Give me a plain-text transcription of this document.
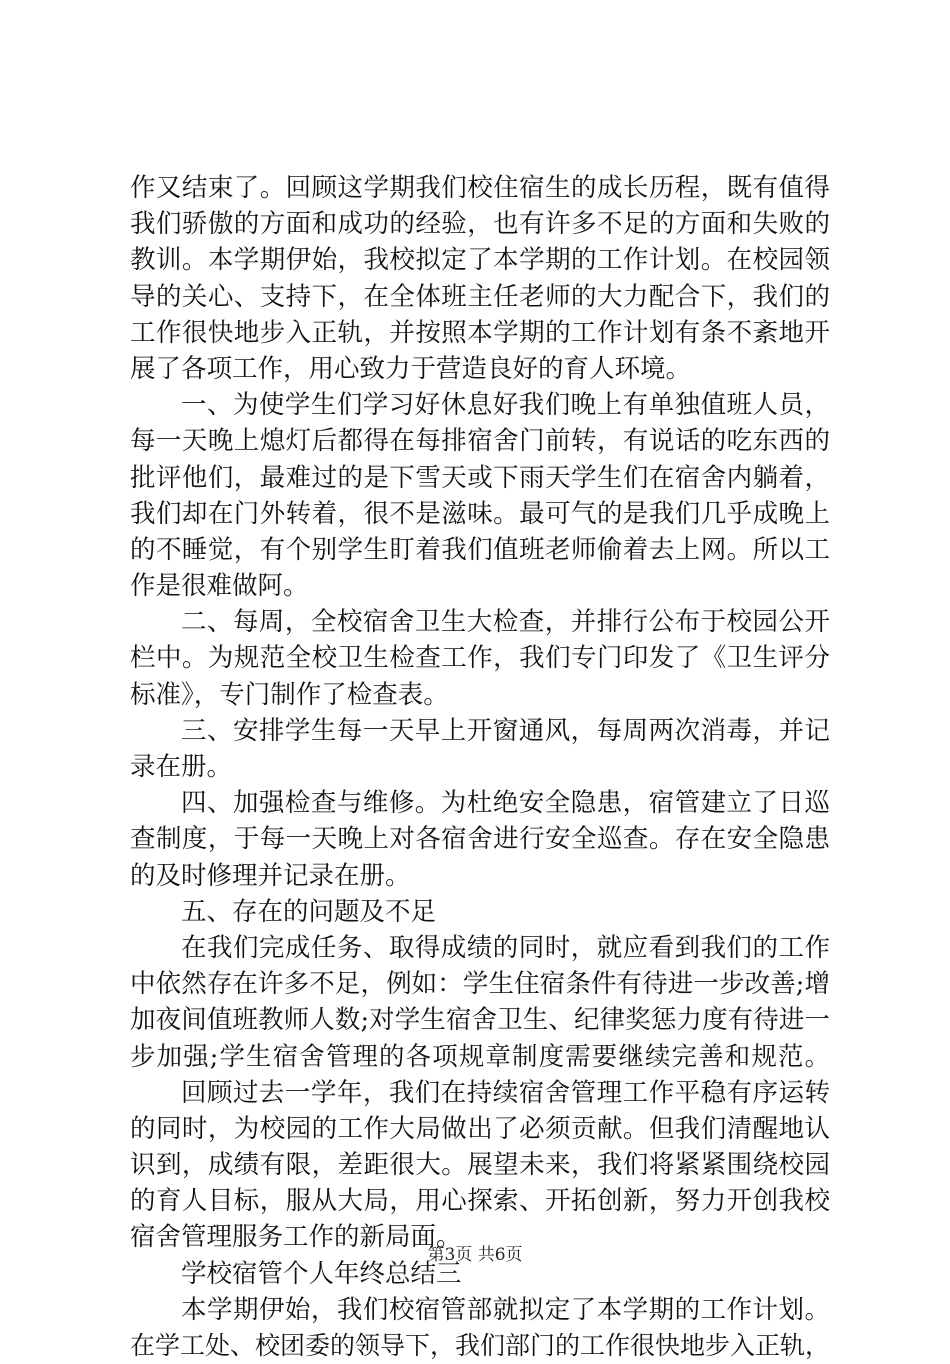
作又结束了。回顾这学期我们校住宿生的成长历程，既有值得
我们骄傲的方面和成功的经验，也有许多不足的方面和失败的
教训。本学期伊始，我校拟定了本学期的工作计划。在校园领
导的关心、支持下，在全体班主任老师的大力配合下，我们的
工作很快地步入正轨，并按照本学期的工作计划有条不紊地开
展了各项工作，用心致力于营造良好的育人环境。
一、为使学生们学习好休息好我们晚上有单独值班人员，
每一天晚上熄灯后都得在每排宿舍门前转，有说话的吃东西的
批评他们，最难过的是下雪天或下雨天学生们在宿舍内躺着，
我们却在门外转着，很不是滋味。最可气的是我们几乎成晚上
的不睡觉，有个别学生盯着我们值班老师偷着去上网。所以工
作是很难做阿。
二、每周，全校宿舍卫生大检查，并排行公布于校园公开
栏中。为规范全校卫生检查工作，我们专门印发了《卫生评分
标准》，专门制作了检查表。
三、安排学生每一天早上开窗通风，每周两次消毒，并记
录在册。
四、加强检查与维修。为杜绝安全隐患，宿管建立了日巡
查制度，于每一天晚上对各宿舍进行安全巡查。存在安全隐患
的及时修理并记录在册。
五、存在的问题及不足
在我们完成任务、取得成绩的同时，就应看到我们的工作
中依然存在许多不足，例如：学生住宿条件有待进一步改善;增
加夜间值班教师人数;对学生宿舍卫生、纪律奖惩力度有待进一
步加强;学生宿舍管理的各项规章制度需要继续完善和规范。
回顾过去一学年，我们在持续宿舍管理工作平稳有序运转
的同时，为校园的工作大局做出了必须贡献。但我们清醒地认
识到，成绩有限，差距很大。展望未来，我们将紧紧围绕校园
的育人目标，服从大局，用心探索、开拓创新，努力开创我校
宿舍管理服务工作的新局面。
学校宿管个人年终总结三
本学期伊始，我们校宿管部就拟定了本学期的工作计划。
在学工处、校团委的领导下，我们部门的工作很快地步入正轨，
第3页 共6页
